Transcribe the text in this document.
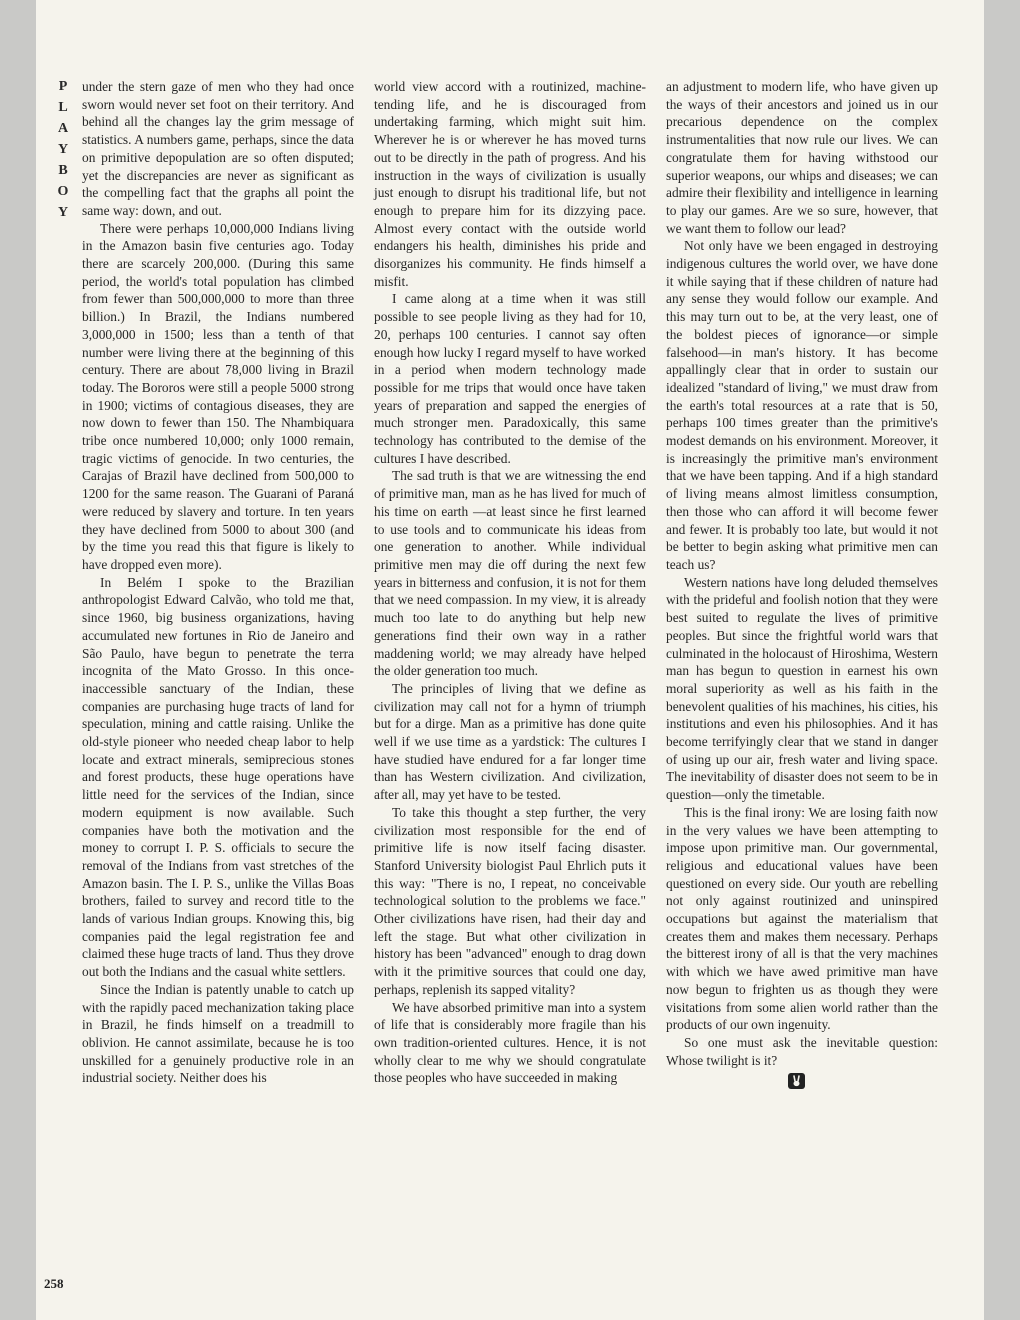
P
L
A
Y
B
O
Y

under the stern gaze of men who they had once sworn would never set foot on their territory. And behind all the changes lay the grim message of statistics. A numbers game, perhaps, since the data on primitive depopulation are so often disputed; yet the discrepancies are never as significant as the compelling fact that the graphs all point the same way: down, and out.

There were perhaps 10,000,000 Indians living in the Amazon basin five centuries ago. Today there are scarcely 200,000. (During this same period, the world's total population has climbed from fewer than 500,000,000 to more than three billion.) In Brazil, the Indians numbered 3,000,000 in 1500; less than a tenth of that number were living there at the beginning of this century. There are about 78,000 living in Brazil today. The Bororos were still a people 5000 strong in 1900; victims of contagious diseases, they are now down to fewer than 150. The Nhambiquara tribe once numbered 10,000; only 1000 remain, tragic victims of genocide. In two centuries, the Carajas of Brazil have declined from 500,000 to 1200 for the same reason. The Guarani of Paraná were reduced by slavery and torture. In ten years they have declined from 5000 to about 300 (and by the time you read this that figure is likely to have dropped even more).

In Belém I spoke to the Brazilian anthropologist Edward Calvão, who told me that, since 1960, big business organizations, having accumulated new fortunes in Rio de Janeiro and São Paulo, have begun to penetrate the terra incognita of the Mato Grosso. In this once-inaccessible sanctuary of the Indian, these companies are purchasing huge tracts of land for speculation, mining and cattle raising. Unlike the old-style pioneer who needed cheap labor to help locate and extract minerals, semiprecious stones and forest products, these huge operations have little need for the services of the Indian, since modern equipment is now available. Such companies have both the motivation and the money to corrupt I. P. S. officials to secure the removal of the Indians from vast stretches of the Amazon basin. The I. P. S., unlike the Villas Boas brothers, failed to survey and record title to the lands of various Indian groups. Knowing this, big companies paid the legal registration fee and claimed these huge tracts of land. Thus they drove out both the Indians and the casual white settlers.

Since the Indian is patently unable to catch up with the rapidly paced mechanization taking place in Brazil, he finds himself on a treadmill to oblivion. He cannot assimilate, because he is too unskilled for a genuinely productive role in an industrial society. Neither does his

world view accord with a routinized, machine-tending life, and he is discouraged from undertaking farming, which might suit him. Wherever he is or wherever he has moved turns out to be directly in the path of progress. And his instruction in the ways of civilization is usually just enough to disrupt his traditional life, but not enough to prepare him for its dizzying pace. Almost every contact with the outside world endangers his health, diminishes his pride and disorganizes his community. He finds himself a misfit.

I came along at a time when it was still possible to see people living as they had for 10, 20, perhaps 100 centuries. I cannot say often enough how lucky I regard myself to have worked in a period when modern technology made possible for me trips that would once have taken years of preparation and sapped the energies of much stronger men. Paradoxically, this same technology has contributed to the demise of the cultures I have described.

The sad truth is that we are witnessing the end of primitive man, man as he has lived for much of his time on earth —at least since he first learned to use tools and to communicate his ideas from one generation to another. While individual primitive men may die off during the next few years in bitterness and confusion, it is not for them that we need compassion. In my view, it is already much too late to do anything but help new generations find their own way in a rather maddening world; we may already have helped the older generation too much.

The principles of living that we define as civilization may call not for a hymn of triumph but for a dirge. Man as a primitive has done quite well if we use time as a yardstick: The cultures I have studied have endured for a far longer time than has Western civilization. And civilization, after all, may yet have to be tested.

To take this thought a step further, the very civilization most responsible for the end of primitive life is now itself facing disaster. Stanford University biologist Paul Ehrlich puts it this way: "There is no, I repeat, no conceivable technological solution to the problems we face." Other civilizations have risen, had their day and left the stage. But what other civilization in history has been "advanced" enough to drag down with it the primitive sources that could one day, perhaps, replenish its sapped vitality?

We have absorbed primitive man into a system of life that is considerably more fragile than his own tradition-oriented cultures. Hence, it is not wholly clear to me why we should congratulate those peoples who have succeeded in making

an adjustment to modern life, who have given up the ways of their ancestors and joined us in our precarious dependence on the complex instrumentalities that now rule our lives. We can congratulate them for having withstood our superior weapons, our whips and diseases; we can admire their flexibility and intelligence in learning to play our games. Are we so sure, however, that we want them to follow our lead?

Not only have we been engaged in destroying indigenous cultures the world over, we have done it while saying that if these children of nature had any sense they would follow our example. And this may turn out to be, at the very least, one of the boldest pieces of ignorance—or simple falsehood—in man's history. It has become appallingly clear that in order to sustain our idealized "standard of living," we must draw from the earth's total resources at a rate that is 50, perhaps 100 times greater than the primitive's modest demands on his environment. Moreover, it is increasingly the primitive man's environment that we have been tapping. And if a high standard of living means almost limitless consumption, then those who can afford it will become fewer and fewer. It is probably too late, but would it not be better to begin asking what primitive men can teach us?

Western nations have long deluded themselves with the prideful and foolish notion that they were best suited to regulate the lives of primitive peoples. But since the frightful world wars that culminated in the holocaust of Hiroshima, Western man has begun to question in earnest his own moral superiority as well as his faith in the benevolent qualities of his machines, his cities, his institutions and even his philosophies. And it has become terrifyingly clear that we stand in danger of using up our air, fresh water and living space. The inevitability of disaster does not seem to be in question—only the timetable.

This is the final irony: We are losing faith now in the very values we have been attempting to impose upon primitive man. Our governmental, religious and educational values have been questioned on every side. Our youth are rebelling not only against routinized and uninspired occupations but against the materialism that creates them and makes them necessary. Perhaps the bitterest irony of all is that the very machines with which we have awed primitive man have now begun to frighten us as though they were visitations from some alien world rather than the products of our own ingenuity.

So one must ask the inevitable question: Whose twilight is it?

258
